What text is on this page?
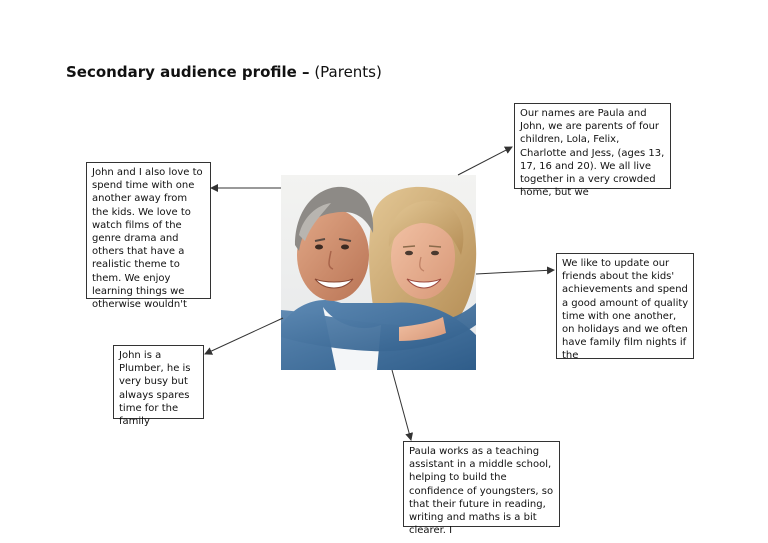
Secondary audience profile – (Parents)
Our names are Paula and John, we are parents of four children, Lola, Felix, Charlotte and Jess, (ages 13, 17, 16 and 20). We all live together in a very crowded home, but we
John and I also love to spend time with one another away from the kids. We love to watch films of the genre drama and others that have a realistic theme to them. We enjoy learning things we otherwise wouldn't
We like to update our friends about the kids' achievements and spend a good amount of quality time with one another, on holidays and we often have family film nights if the
John is a Plumber, he is very busy but always spares time for the family
Paula works as a teaching assistant in a middle school, helping to build the confidence of youngsters, so that their future in reading, writing and maths is a bit clearer. I
